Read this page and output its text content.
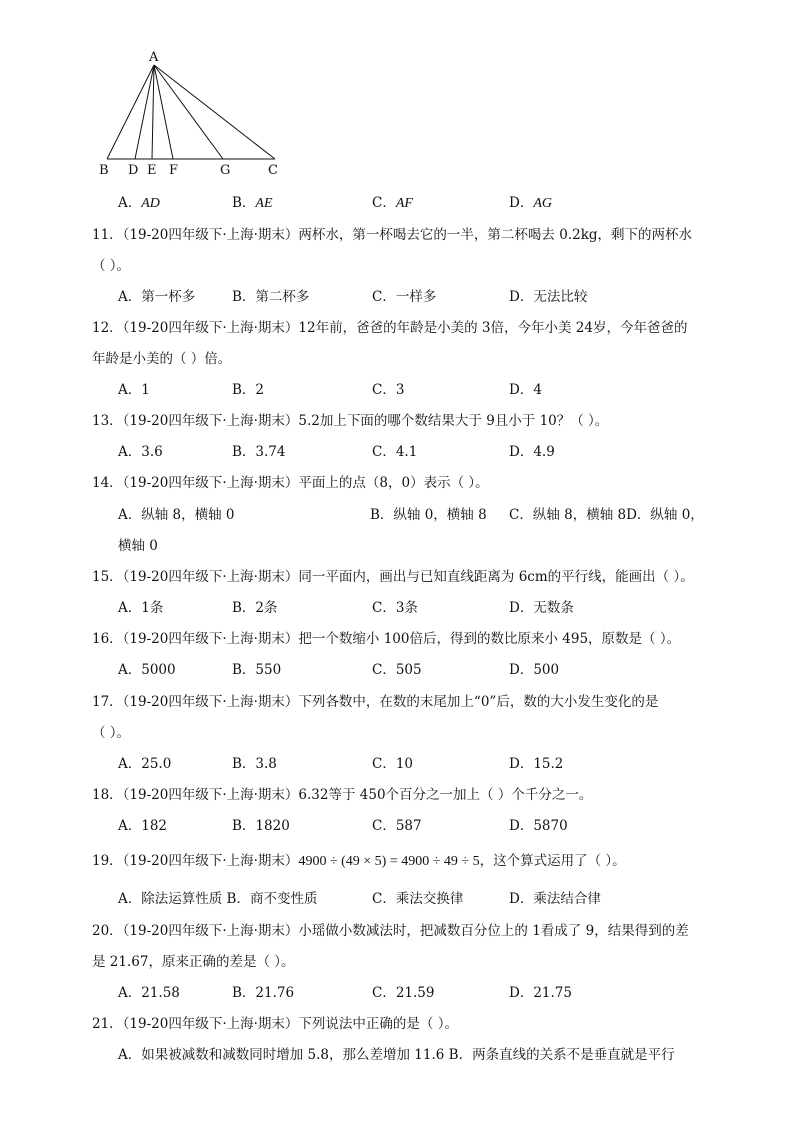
A
B D E F	G	C
A．AD	B．AE	C．AF	D．AG
11．（19-20四年级下·上海·期末）两杯水，第一杯喝去它的一半，第二杯喝去 0.2kg，剩下的两杯水
（ ）。
A．第一杯多	B．第二杯多	C．一样多	D．无法比较
12．（19-20四年级下·上海·期末）12年前，爸爸的年龄是小美的 3倍，今年小美 24岁，今年爸爸的
年龄是小美的（ ）倍。
A．1	B．2	C．3	D．4
13．（19-20四年级下·上海·期末）5.2加上下面的哪个数结果大于 9且小于 10？（ ）。
A．3.6	B．3.74	C．4.1	D．4.9
14．（19-20四年级下·上海·期末）平面上的点（8，0）表示（ ）。
A．纵轴 8，横轴 0	B．纵轴 0，横轴 8 C．纵轴 8，横轴 8D．纵轴 0，
横轴 0
15．（19-20四年级下·上海·期末）同一平面内，画出与已知直线距离为 6cm的平行线，能画出（ ）。
A．1条	B．2条	C．3条	D．无数条
16．（19-20四年级下·上海·期末）把一个数缩小 100倍后，得到的数比原来小 495，原数是（ ）。
A．5000	B．550	C．505	D．500
17．（19-20四年级下·上海·期末）下列各数中，在数的末尾加上“0”后，数的大小发生变化的是
（ ）。
A．25.0	B．3.8	C．10	D．15.2
18．（19-20四年级下·上海·期末）6.32等于 450个百分之一加上（ ）个千分之一。
A．182	B．1820	C．587	D．5870
19．（19-20四年级下·上海·期末）4900 ÷ (49 × 5) = 4900 ÷ 49 ÷ 5，这个算式运用了（ ）。
A．除法运算性质 B．商不变性质	C．乘法交换律	D．乘法结合律
20．（19-20四年级下·上海·期末）小瑶做小数减法时，把减数百分位上的 1看成了 9，结果得到的差
是 21.67，原来正确的差是（ ）。
A．21.58	B．21.76	C．21.59	D．21.75
21．（19-20四年级下·上海·期末）下列说法中正确的是（ ）。
A．如果被减数和减数同时增加 5.8，那么差增加 11.6 B．两条直线的关系不是垂直就是平行
